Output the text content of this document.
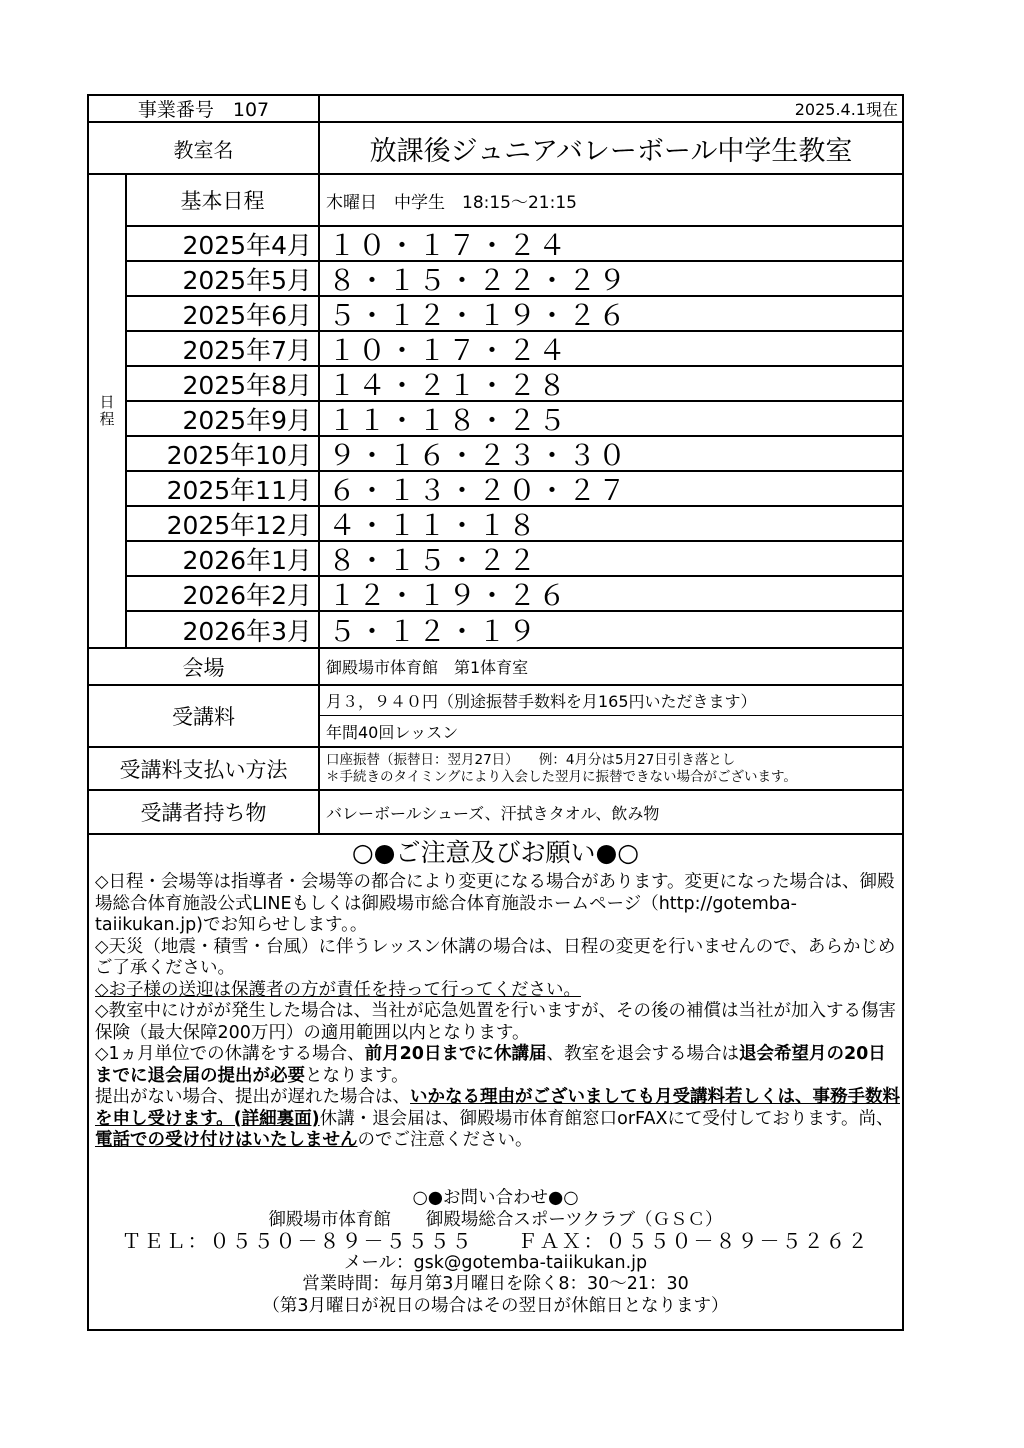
事業番号　107	2025.4.1現在
教室名	放課後ジュニアバレーボール中学生教室
日程
基本日程	木曜日　中学生　18:15〜21:15
2025年4月 １０・１７・２４
2025年5月 ８・１５・２２・２９
2025年6月 ５・１２・１９・２６
2025年7月 １０・１７・２４
2025年8月 １４・２１・２８
2025年9月 １１・１８・２５
2025年10月 ９・１６・２３・３０
2025年11月 ６・１３・２０・２７
2025年12月 ４・１１・１８
2026年1月 ８・１５・２２
2026年2月 １２・１９・２６
2026年3月 ５・１２・１９
会場	御殿場市体育館　第1体育室
受講料
月３，９４０円（別途振替手数料を月165円いただきます）
年間40回レッスン
受講料支払い方法	口座振替（振替日：翌月27日）　　例：4月分は5月27日引き落とし
＊手続きのタイミングにより入会した翌月に振替できない場合がございます。
受講者持ち物	バレーボールシューズ、汗拭きタオル、飲み物
○●ご注意及びお願い●○

◇日程・会場等は指導者・会場等の都合により変更になる場合があります。変更になった場合は、御殿場総合体育施設公式LINEもしくは御殿場市総合体育施設ホームページ（http://gotemba-taiikukan.jp)でお知らせします。。

◇天災（地震・積雪・台風）に伴うレッスン休講の場合は、日程の変更を行いませんので、あらかじめご了承ください。

◇お子様の送迎は保護者の方が責任を持って行ってください。

◇教室中にけがが発生した場合は、当社が応急処置を行いますが、その後の補償は当社が加入する傷害保険（最大保障200万円）の適用範囲以内となります。

◇1ヵ月単位での休講をする場合、前月20日までに休講届、教室を退会する場合は退会希望月の20日までに退会届の提出が必要となります。

提出がない場合、提出が遅れた場合は、いかなる理由がございましても月受講料若しくは、事務手数料を申し受けます。(詳細裏面)休講・退会届は、御殿場市体育館窓口orFAXにて受付しております。尚、電話での受け付けはいたしませんのでご注意ください。

○●お問い合わせ●○
御殿場市体育館　　御殿場総合スポーツクラブ（ＧＳＣ）
ＴＥＬ：０５５０－８９－５５５５　　ＦＡＸ：０５５０－８９－５２６２
メール：gsk@gotemba-taiikukan.jp
営業時間：毎月第3月曜日を除く8：30〜21：30
（第3月曜日が祝日の場合はその翌日が休館日となります）
